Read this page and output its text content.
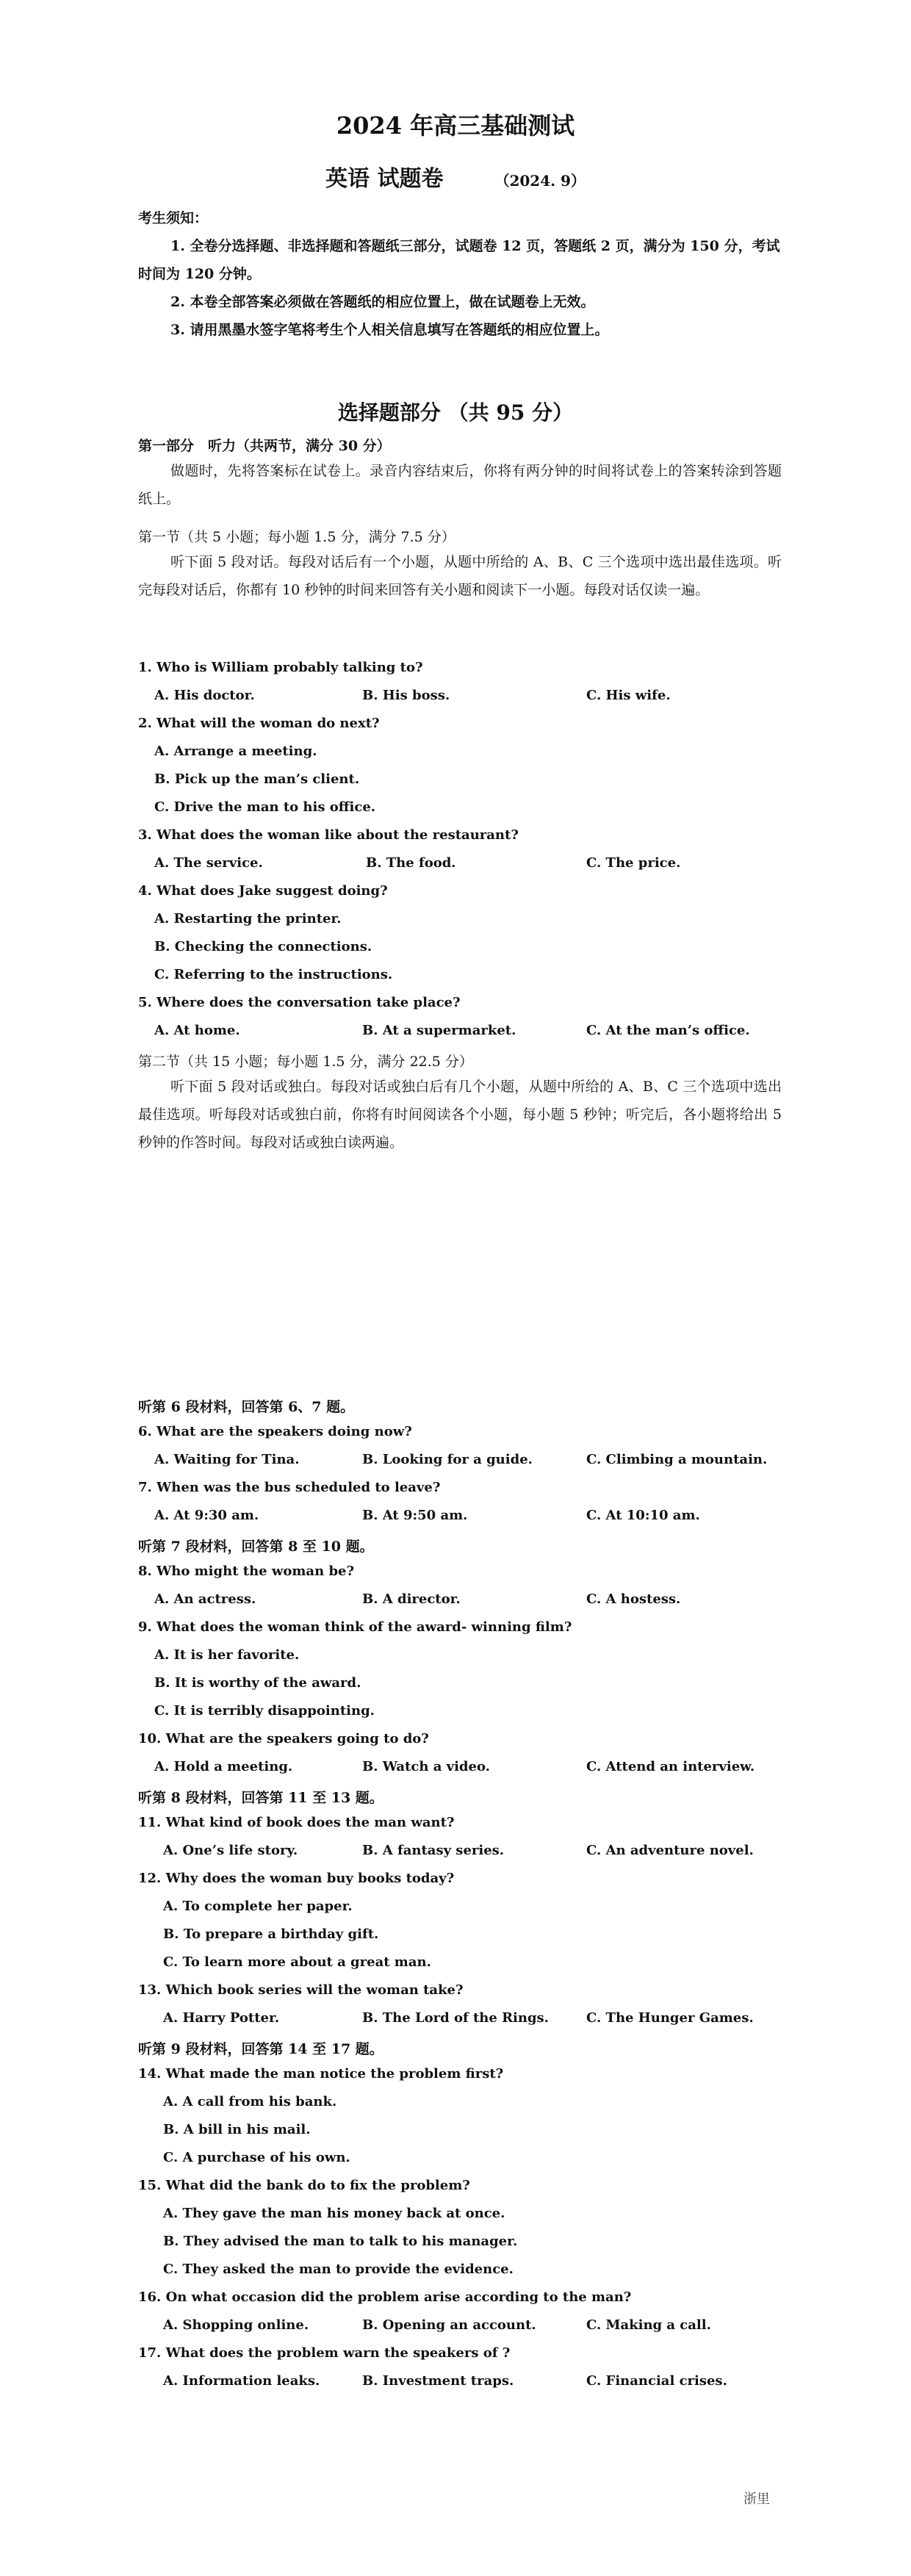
2024 年高三基础测试
英语 试题卷	（2024. 9）
考生须知：
1. 全卷分选择题、非选择题和答题纸三部分，试题卷 12 页，答题纸 2 页，满分为 150 分，考试时间为 120 分钟。
2. 本卷全部答案必须做在答题纸的相应位置上，做在试题卷上无效。
3. 请用黑墨水签字笔将考生个人相关信息填写在答题纸的相应位置上。
选择题部分 （共 95 分）
第一部分　听力（共两节，满分 30 分）
做题时，先将答案标在试卷上。录音内容结束后，你将有两分钟的时间将试卷上的答案转涂到答题纸上。
第一节（共 5 小题；每小题 1.5 分，满分 7.5 分）
听下面 5 段对话。每段对话后有一个小题，从题中所给的 A、B、C 三个选项中选出最佳选项。听完每段对话后，你都有 10 秒钟的时间来回答有关小题和阅读下一小题。每段对话仅读一遍。
1. Who is William probably talking to?
A. His doctor.	B. His boss.	C. His wife.
2. What will the woman do next?
A. Arrange a meeting.
B. Pick up the man’s client.
C. Drive the man to his office.
3. What does the woman like about the restaurant?
A. The service.	B. The food.	C. The price.
4. What does Jake suggest doing?
A. Restarting the printer.
B. Checking the connections.
C. Referring to the instructions.
5. Where does the conversation take place?
A. At home.	B. At a supermarket.	C. At the man’s office.
第二节（共 15 小题；每小题 1.5 分，满分 22.5 分）
听下面 5 段对话或独白。每段对话或独白后有几个小题，从题中所给的 A、B、C 三个选项中选出最佳选项。听每段对话或独白前，你将有时间阅读各个小题，每小题 5 秒钟；听完后，各小题将给出 5 秒钟的作答时间。每段对话或独白读两遍。
听第 6 段材料，回答第 6、7 题。
6. What are the speakers doing now?
A. Waiting for Tina.	B. Looking for a guide.	C. Climbing a mountain.
7. When was the bus scheduled to leave?
A. At 9:30 am.	B. At 9:50 am.	C. At 10:10 am.
听第 7 段材料，回答第 8 至 10 题。
8. Who might the woman be?
A. An actress.	B. A director.	C. A hostess.
9. What does the woman think of the award- winning film?
A. It is her favorite.
B. It is worthy of the award.
C. It is terribly disappointing.
10. What are the speakers going to do?
A. Hold a meeting.	B. Watch a video.	C. Attend an interview.
听第 8 段材料，回答第 11 至 13 题。
11. What kind of book does the man want?
A. One’s life story.	B. A fantasy series.	C. An adventure novel.
12. Why does the woman buy books today?
A. To complete her paper.
B. To prepare a birthday gift.
C. To learn more about a great man.
13. Which book series will the woman take?
A. Harry Potter.	B. The Lord of the Rings.	C. The Hunger Games.
听第 9 段材料，回答第 14 至 17 题。
14. What made the man notice the problem first?
A. A call from his bank.
B. A bill in his mail.
C. A purchase of his own.
15. What did the bank do to fix the problem?
A. They gave the man his money back at once.
B. They advised the man to talk to his manager.
C. They asked the man to provide the evidence.
16. On what occasion did the problem arise according to the man?
A. Shopping online.	B. Opening an account.	C. Making a call.
17. What does the problem warn the speakers of ?
A. Information leaks.	B. Investment traps.	C. Financial crises.
浙里
